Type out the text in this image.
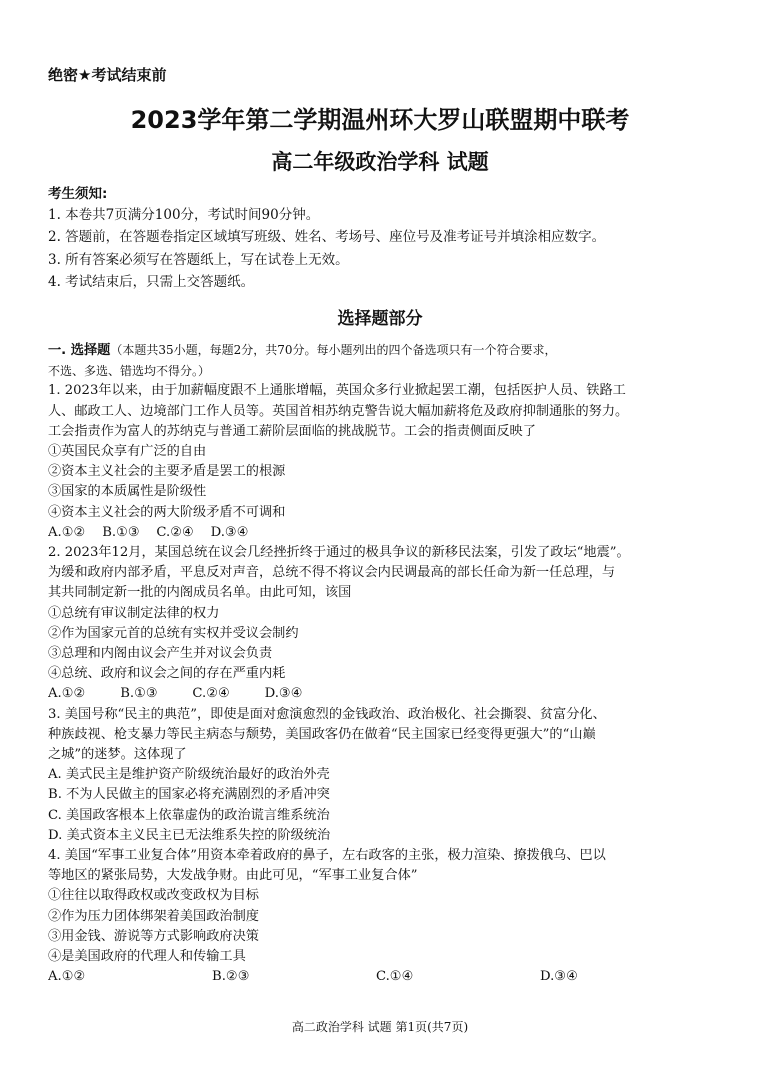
绝密★考试结束前
2023学年第二学期温州环大罗山联盟期中联考
高二年级政治学科 试题
考生须知:
1. 本卷共7页满分100分，考试时间90分钟。
2. 答题前，在答题卷指定区域填写班级、姓名、考场号、座位号及准考证号并填涂相应数字。
3. 所有答案必须写在答题纸上，写在试卷上无效。
4. 考试结束后，只需上交答题纸。
选择题部分
一. 选择题（本题共35小题，每题2分，共70分。每小题列出的四个备选项只有一个符合要求，
不选、多选、错选均不得分。）
1. 2023年以来，由于加薪幅度跟不上通胀增幅，英国众多行业掀起罢工潮，包括医护人员、铁路工
人、邮政工人、边境部门工作人员等。英国首相苏纳克警告说大幅加薪将危及政府抑制通胀的努力。
工会指责作为富人的苏纳克与普通工薪阶层面临的挑战脱节。工会的指责侧面反映了
①英国民众享有广泛的自由
②资本主义社会的主要矛盾是罢工的根源
③国家的本质属性是阶级性
④资本主义社会的两大阶级矛盾不可调和
A.①② B.①③ C.②④ D.③④
2. 2023年12月，某国总统在议会几经挫折终于通过的极具争议的新移民法案，引发了政坛“地震”。
为缓和政府内部矛盾，平息反对声音，总统不得不将议会内民调最高的部长任命为新一任总理，与
其共同制定新一批的内阁成员名单。由此可知，该国
①总统有审议制定法律的权力
②作为国家元首的总统有实权并受议会制约
③总理和内阁由议会产生并对议会负责
④总统、政府和议会之间的存在严重内耗
A.①②	B.①③	C.②④	D.③④
3. 美国号称“民主的典范”，即使是面对愈演愈烈的金钱政治、政治极化、社会撕裂、贫富分化、
种族歧视、枪支暴力等民主病态与颓势，美国政客仍在做着“民主国家已经变得更强大”的“山巅
之城”的迷梦。这体现了
A. 美式民主是维护资产阶级统治最好的政治外壳
B. 不为人民做主的国家必将充满剧烈的矛盾冲突
C. 美国政客根本上依靠虚伪的政治谎言维系统治
D. 美式资本主义民主已无法维系失控的阶级统治
4. 美国“军事工业复合体”用资本牵着政府的鼻子，左右政客的主张，极力渲染、撩拨俄乌、巴以
等地区的紧张局势，大发战争财。由此可见，“军事工业复合体”
①往往以取得政权或改变政权为目标
②作为压力团体绑架着美国政治制度
③用金钱、游说等方式影响政府决策
④是美国政府的代理人和传输工具
A.①②	B.②③	C.①④	D.③④
高二政治学科 试题 第1页(共7页)
